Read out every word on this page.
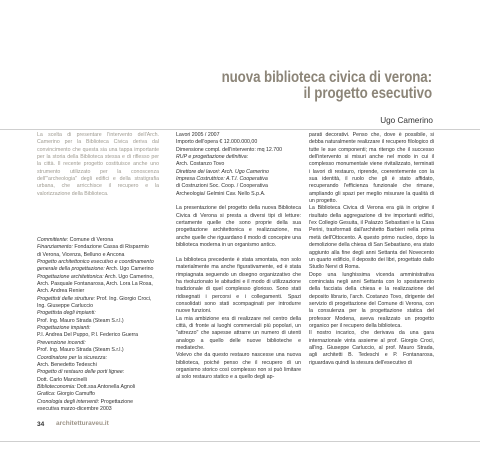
nuova biblioteca civica di verona:
il progetto esecutivo
Ugo Camerino

La scelta di presentare l'intervento dell'Arch. Camerino per la Biblioteca Civica deriva dal convincimento che questa sia una tappa importante per la storia della Biblioteca stessa e di riflesso per la città. Il recente progetto costituisce anche uno strumento utilizzato per la conoscenza dell'"archeologia" degli edifici e della stratigrafia urbana, che arricchisce il recupero e la valorizzazione della Biblioteca.

Committente: Comune di Verona
Finanziamento: Fondazione Cassa di Risparmio
di Verona, Vicenza, Belluno e Ancona
Progetto architettonico esecutivo e coordinamento
generale della progettazione: Arch. Ugo Camerino
Progettazione architettonica: Arch. Ugo Camerino,
Arch. Pasquale Fontanarosa, Arch. Lora La Rosa,
Arch. Andrea Renier
Progettisti delle strutture: Prof. Ing. Giorgio Croci,
Ing. Giuseppe Carluccio
Progettista degli impianti:
Prof. Ing. Mauro Strada (Steam S.r.l.)
Progettazione impianti:
P.I. Andrea Del Puppo, P.I. Federico Guerra
Prevenzione incendi:
Prof. Ing. Mauro Strada (Steam S.r.l.)
Coordinatore per la sicurezza:
Arch. Benedetto Tedeschi
Progetto di restauro delle porti lignee:
Dott. Carlo Mancinelli
Biblioteconomia: Dott.ssa Antonella Agnoli
Grafica: Giorgio Camuffo
Cronologia degli interventi: Progettazione
esecutiva marzo-dicembre 2003
Lavori 2005 / 2007
Importo dell'opera € 12.000.000,00
Dimensione compl. dell'intervento: mq 12.700
RUP e progettazione definitiva:
Arch. Costanzo Tovo
Direttore dei lavori: Arch. Ugo Camerino
Impresa Costruttrice: A.T.I. Cooperativa
di Costruzioni Soc. Coop. / Cooperativa
Archeologia/ Gelmini Cav. Nello S.p.A.

La presentazione del progetto della nuova Biblioteca Civica di Verona si presta a diversi tipi di letture: certamente quelle che sono proprie della sua progettazione architettonica e realizzazione, ma anche quelle che riguardano il modo di concepire una biblioteca moderna in un organismo antico.

La biblioteca precedente è stata smontata, non solo materialmente ma anche figurativamente, ed è stata rimpiagnata seguendo un disegno organizzativo che ha rivoluzionato le abitudini e il modo di utilizzazione tradizionale di quel complesso glorioso. Sono stati ridisegnati i percorsi e i collegamenti. Spazi consolidati sono stati scompaginati per introdurre nuove funzioni.

La mia ambizione era di realizzare nel centro della città, di fronte ai luoghi commerciali più popolari, un "attrezzo" che sapesse attrarre un numero di utenti analogo a quello delle nuove biblioteche e mediateche.

Volevo che da questo restauro nascesse una nuova biblioteca, poiché penso che il recupero di un organismo storico così complesso non si può limitare al solo restauro statico e a quello degli ap-

parati decorativi. Penso che, dove è possibile, si debba naturalmente realizzare il recupero filologico di tutte le sue componenti; ma ritengo che il successo dell'intervento si misuri anche nel modo in cui il complesso monumentale viene rivitalizzato, terminati i lavori di restauro, riprende, coerentemente con la sua identità, il ruolo che gli è stato affidato, recuperando l'efficienza funzionale che rimane, ampliando gli spazi per meglio misurare la qualità di un progetto.

La Biblioteca Civica di Verona era già in origine il risultato della aggregazione di tre importanti edifici, l'ex Collegio Gesuita, il Palazzo Sebastiani e la Casa Perini, trasformati dall'architetto Barbieri nella prima metà dell'Ottocento. A questo primo nucleo, dopo la demolizione della chiesa di San Sebastiano, era stato aggiunto alla fine degli anni Settanta del Novecento un quarto edificio, il deposito dei libri, progettato dallo Studio Nervi di Roma.

Dopo una lunghissima vicenda amministrativa cominciata negli anni Settanta con lo spostamento della facciata della chiesa e la realizzazione del deposito librario, l'arch. Costanzo Tovo, dirigente del servizio di progettazione del Comune di Verona, con la consulenza per la progettazione statica del professor Modena, aveva realizzato un progetto organico per il recupero della biblioteca.

Il nostro incarico, che derivava da una gara internazionale vinta assieme al prof. Giorgio Croci, all'ing. Giuseppe Carluccio, al prof. Mauro Strada, agli architetti B. Tedeschi e P. Fontanarosa, riguardava quindi la stesura dell'esecutivo di

34 architetturaveu.it
